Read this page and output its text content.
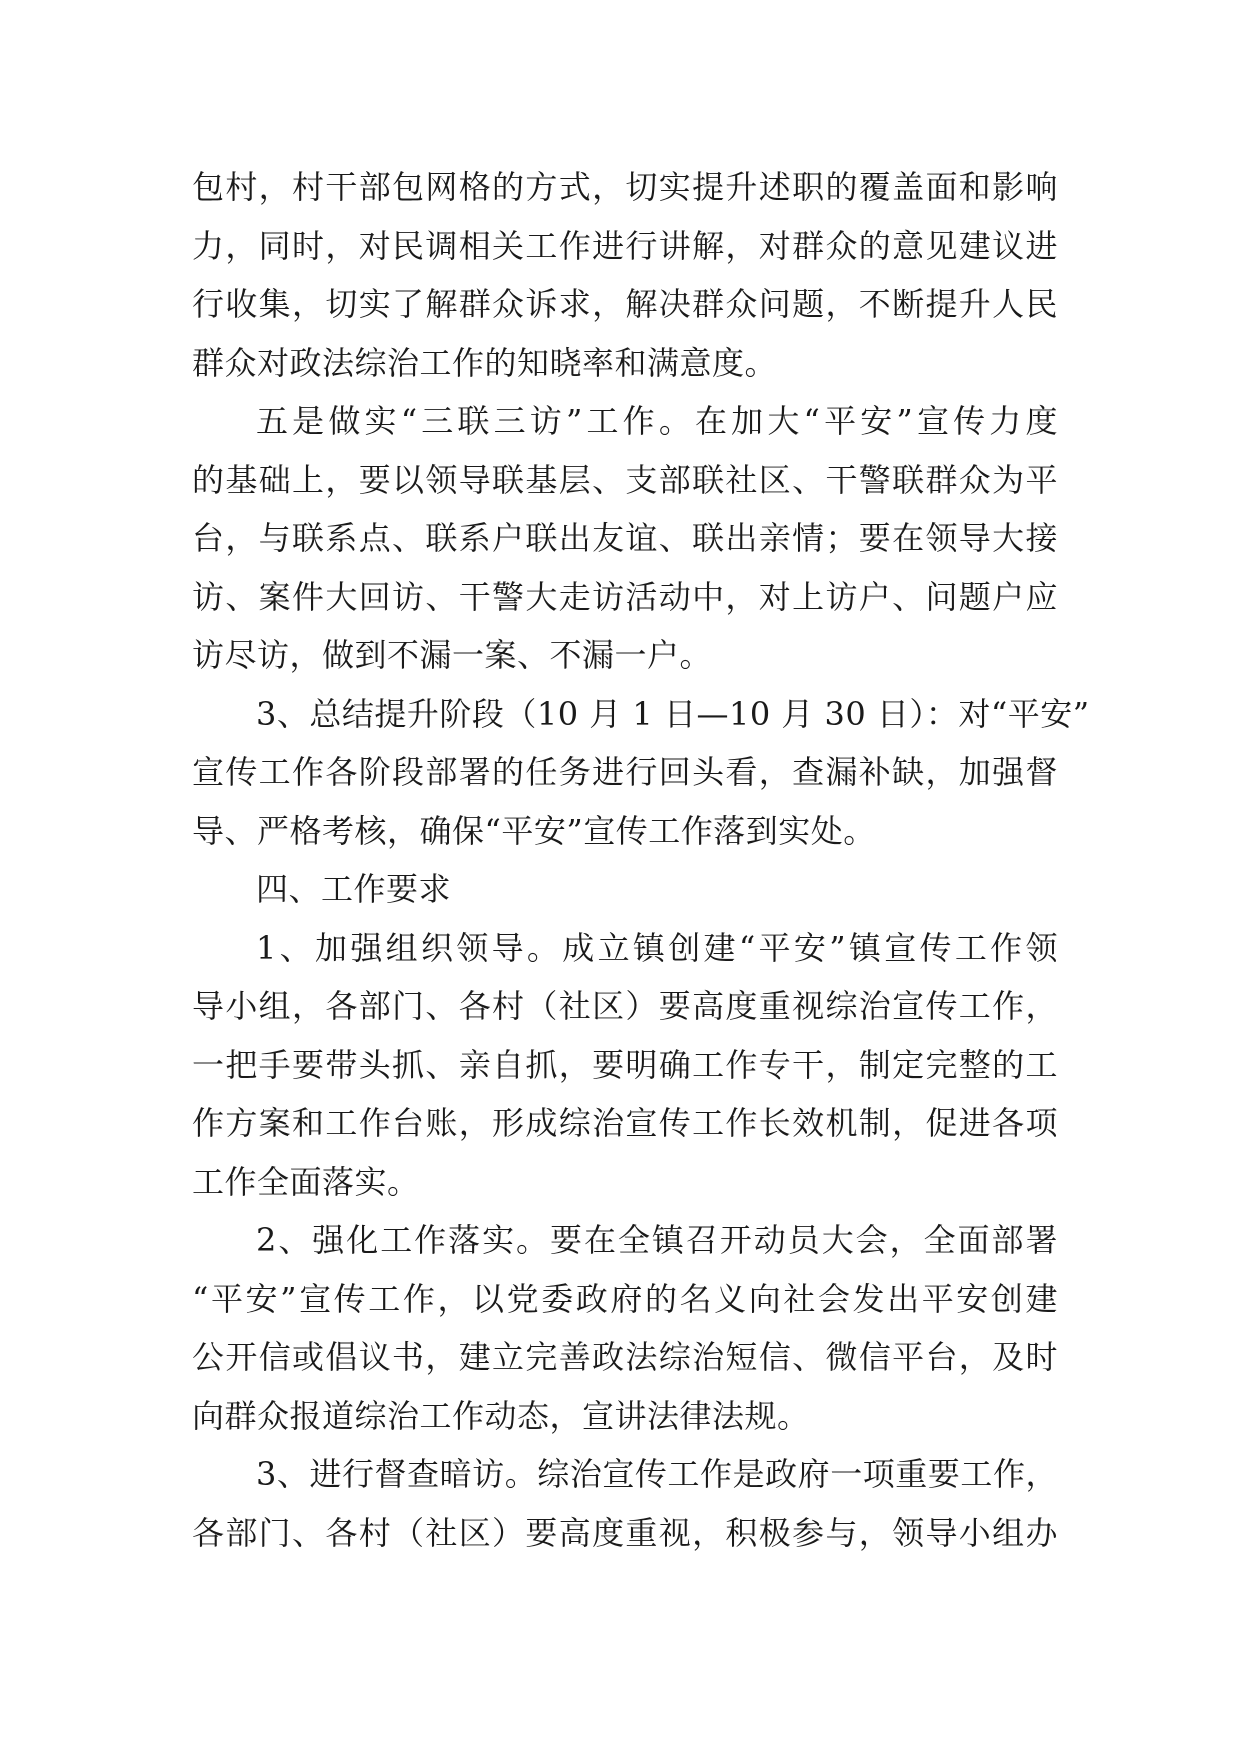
包村，村干部包网格的方式，切实提升述职的覆盖面和影响
力，同时，对民调相关工作进行讲解，对群众的意见建议进
行收集，切实了解群众诉求，解决群众问题，不断提升人民
群众对政法综治工作的知晓率和满意度。
五是做实“三联三访”工作。在加大“平安”宣传力度
的基础上，要以领导联基层、支部联社区、干警联群众为平
台，与联系点、联系户联出友谊、联出亲情；要在领导大接
访、案件大回访、干警大走访活动中，对上访户、问题户应
访尽访，做到不漏一案、不漏一户。
3、总结提升阶段（10 月 1 日—10 月 30 日）：对“平安”
宣传工作各阶段部署的任务进行回头看，查漏补缺，加强督
导、严格考核，确保“平安”宣传工作落到实处。
四、工作要求
1、加强组织领导。成立镇创建“平安”镇宣传工作领
导小组，各部门、各村（社区）要高度重视综治宣传工作，
一把手要带头抓、亲自抓，要明确工作专干，制定完整的工
作方案和工作台账，形成综治宣传工作长效机制，促进各项
工作全面落实。
2、强化工作落实。要在全镇召开动员大会，全面部署
“平安”宣传工作，以党委政府的名义向社会发出平安创建
公开信或倡议书，建立完善政法综治短信、微信平台，及时
向群众报道综治工作动态，宣讲法律法规。
3、进行督查暗访。综治宣传工作是政府一项重要工作，
各部门、各村（社区）要高度重视，积极参与，领导小组办
